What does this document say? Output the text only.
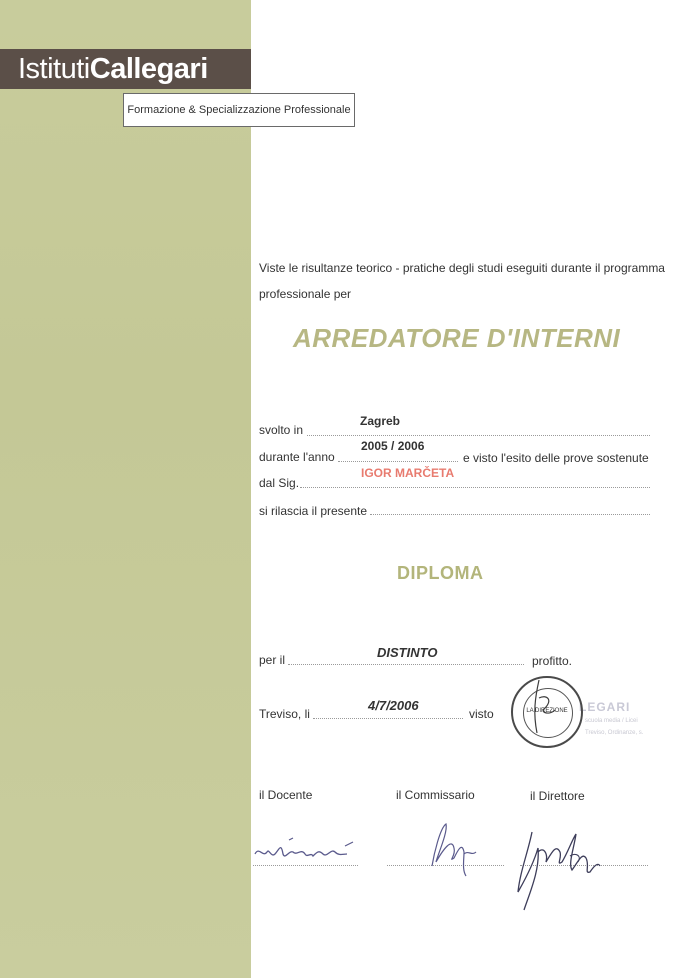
IstitutiCallegari
Formazione & Specializzazione Professionale
Viste le risultanze teorico - pratiche degli studi eseguiti durante il programma
professionale per
ARREDATORE D'INTERNI
svolto in
Zagreb
durante l'anno
2005 / 2006
e visto l'esito delle prove sostenute
dal Sig.
IGOR MARČETA
si rilascia il presente
DIPLOMA
per il	DISTINTO
profitto.
Treviso, li
4/7/2006
visto	LEGARI
scuola media / Licei
Treviso, Ordinanze, s.
LA DIREZIONE
il Docente	il Commissario	il Direttore
